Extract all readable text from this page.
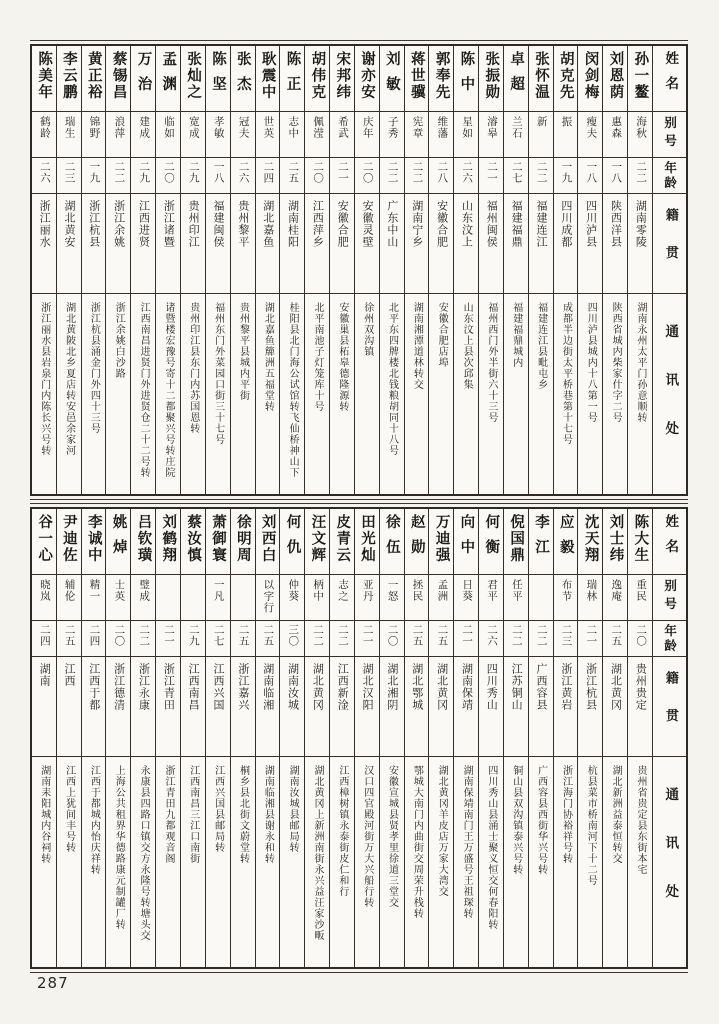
姓名
别号
年龄
籍贯
通讯处
孙一鳌
海秋
二二
湖南零陵
湖南永州太平门孙意顺转
刘恩荫
惠森
一八
陕西洋县
陕西省城内柴家什字二号
闵剑梅
瘦夫
一八
四川泸县
四川泸县城内十八第一号
胡克先
振
一九
四川成都
成都半边街太平桥巷第十七号
张怀温
新
二二
福建连江
福建连江县毗屯乡
卓超
兰石
二七
福建福鼎
福建福鼎城内
张振勋
濬皋
二一
福州闽侯
福州西门外半街六十三号
陈中
星如
二六
山东汶上
山东汶上县次邱集
郭奉先
维藩
二八
安徽合肥
安徽合肥店埠
蒋世骥
宪章
二二
湖南宁乡
湖南湘潭道林转交
刘敏
子秀
二二
广东中山
北平东四牌楼北钱粮胡同十八号
谢亦安
庆年
二〇
安徽灵壁
徐州双沟镇
宋邦纬
希武
二一
安徽合肥
安徽巢县柘皋德隆源转
胡伟克
佩滢
二〇
江西萍乡
北平南池子灯笼库十号
陈正
志中
二五
湖南桂阳
桂阳县北门海公试馆转飞仙桥神山下
耿震中
世英
二四
湖北嘉鱼
湖北嘉鱼簰洲五福堂转
张杰
冠夫
二六
贵州黎平
贵州黎平县城内平街
陈坚
孝敏
一八
福建闽侯
福州东门外菜园口街三十七号
张灿之
宽成
二九
贵州印江
贵州印江县东门内苏国恩转
孟渊
临如
二〇
浙江诸暨
诸暨楼宏豫号寄十二都聚兴号转庄院
万治
建成
二九
江西进贤
江西南昌进贤门外进贤仓二十二号转
蔡锡昌
浪萍
二二
浙江余姚
浙江余姚白沙路
黄正裕
锦野
一九
浙江杭县
浙江杭县涌金门外四十三号
李云鹏
瑞生
二三
湖北黄安
湖北黄陂北乡夏店转安邑余家河
陈美年
鹤龄
二六
浙江丽水
浙江丽水县岩泉门内陈长兴号转
姓名
别号
年龄
籍贯
通讯处
陈大生
重民
二〇
贵州贵定
贵州省贵定县东街本宅
刘士纬
逸庵
二五
湖北黄冈
湖北新洲益泰恒转交
沈天翔
瑞林
二一
浙江杭县
杭县菜市桥南河下十二号
应毅
布节
二三
浙江黄岩
浙江海门协裕祥号转
李江
二二
广西容县
广西容县西街华兴号转
倪国鼎
任平
二二
江苏铜山
铜山县双沟镇泰兴号转
何衡
君平
二六
四川秀山
四川秀山县涌士聚义恒交何春阳转
向中
日葵
二一
湖南保靖
湖南保靖南门王万盛号王祖琛转
万迪强
孟洲
二五
湖北黄冈
湖北黄冈羊皮店万家大湾交
赵勋
拯民
二五
湖北鄂城
鄂城大南门内曲街交周荣升栈转
徐伍
一怒
二〇
湖北湘阴
安徽宣城县贤孝里徐道三堂交
田光灿
亚丹
二一
湖北汉阳
汉口四官殿河街万大兴船行转
皮青云
志之
二二
江西新淦
江西樟树镇永泰街皮仁和行
汪文辉
柄中
二二
湖北黄冈
湖北黄冈上新洲南街永兴益汪家沙畈
何仇
仲葵
三〇
湖南汝城
湖南汝城县邮局转
刘西白
以字行
二五
湖南临湘
湖南临湘县谢永和转
徐明周
二五
浙江嘉兴
桐乡县北街文蔚堂转
萧御寰
一凡
二七
江西兴国
江西兴国县邮局转
蔡汝慎
二九
江西南昌
江西南昌三江口南街
刘鹤翔
二一
浙江青田
浙江青田九都观音阁
吕钦璜
璧成
二二
浙江永康
永康县四路口镇交方永隆号转塘头交
姚焯
士英
二〇
浙江德清
上海公共租界华德路康元制罐厂转
李诚中
精一
二四
江西于都
江西于都城内怡庆祥转
尹迪佐
辅伦
二五
江西
江西上犹间丰号转
谷一心
晓岚
二四
湖南
湖南耒阳城内谷祠转
287
